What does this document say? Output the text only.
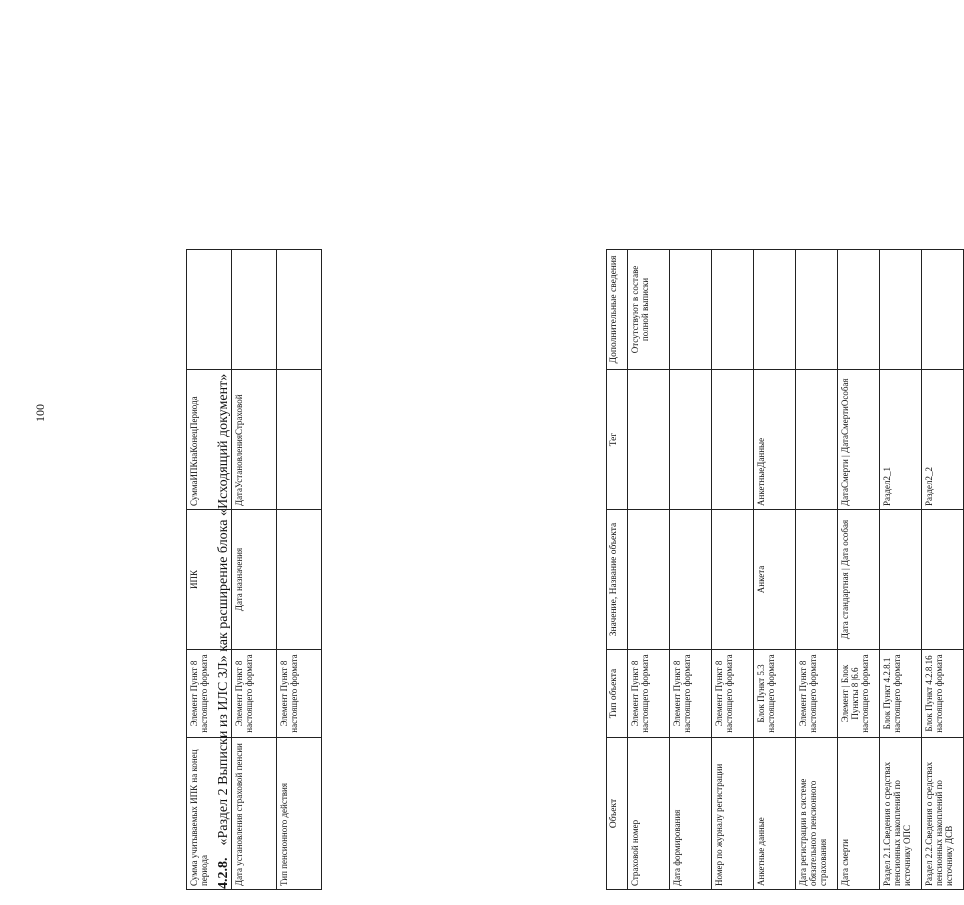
100
Сумма учитываемых ИПК на конец периода	Элемент Пункт 8 настоящего формата	ИПК	СуммаИПКнаКонецПериода	
Дата установления страховой пенсии	Элемент Пункт 8 настоящего формата	Дата назначения	ДатаУстановленияСтраховой	
Тип пенсионного действия	Элемент Пункт 8 настоящего формата			
4.2.8.«Раздел 2 Выписки из ИЛС ЗЛ» как расширение блока «Исходящий документ»	Объект	Тип объекта	Значение, Название объекта	Тег	Дополнительные сведения
Страховой номер	Элемент Пункт 8 настоящего формата			Отсутствуют в составе полной выписки
Дата формирования	Элемент Пункт 8 настоящего формата			
Номер по журналу регистрации	Элемент Пункт 8 настоящего формата			
Анкетные данные	Блок Пункт 5.3 настоящего формата	Анкета	АнкетныеДанные	
Дата регистрации в системе обязательного пенсионного страхования	Элемент Пункт 8 настоящего формата			
Дата смерти	Элемент | Блок Пункты 8 |6.6 настоящего формата	Дата стандартная | Дата особая	ДатаСмерти | ДатаСмертиОсобая	
Раздел 2.1.Сведения о средствах пенсионных накоплений по источнику ОПС	Блок Пункт 4.2.8.1 настоящего формата		Раздел2_1	
Раздел 2.2.Сведения о средствах пенсионных накоплений по источнику ДСВ	Блок Пункт 4.2.8.16 настоящего формата		Раздел2_2	
